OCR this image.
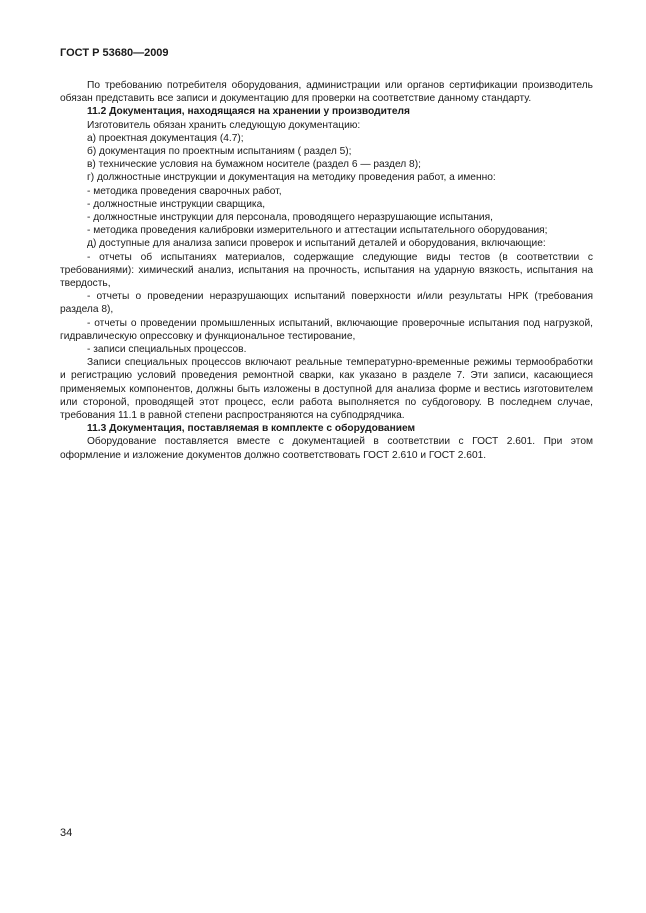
ГОСТ Р 53680—2009

По требованию потребителя оборудования, администрации или органов сертификации производитель обязан представить все записи и документацию для проверки на соответствие данному стандарту.

11.2 Документация, находящаяся на хранении у производителя

Изготовитель обязан хранить следующую документацию:

а) проектная документация (4.7);

б) документация по проектным испытаниям ( раздел 5);

в) технические условия на бумажном носителе (раздел 6 — раздел 8);

г) должностные инструкции и документация на методику проведения работ, а именно:

- методика проведения сварочных работ,

- должностные инструкции сварщика,

- должностные инструкции для персонала, проводящего неразрушающие испытания,

- методика проведения калибровки измерительного и аттестации испытательного оборудования;

д) доступные для анализа записи проверок и испытаний деталей и оборудования, включающие:

- отчеты об испытаниях материалов, содержащие следующие виды тестов (в соответствии с требованиями): химический анализ, испытания на прочность, испытания на ударную вязкость, испытания на твердость,

- отчеты о проведении неразрушающих испытаний поверхности и/или результаты НРК (требования раздела 8),

- отчеты о проведении промышленных испытаний, включающие проверочные испытания под нагрузкой, гидравлическую опрессовку и функциональное тестирование,

- записи специальных процессов.

Записи специальных процессов включают реальные температурно-временные режимы термообработки и регистрацию условий проведения ремонтной сварки, как указано в разделе 7. Эти записи, касающиеся применяемых компонентов, должны быть изложены в доступной для анализа форме и вестись изготовителем или стороной, проводящей этот процесс, если работа выполняется по субдоговору. В последнем случае, требования 11.1 в равной степени распространяются на субподрядчика.

11.3 Документация, поставляемая в комплекте с оборудованием

Оборудование поставляется вместе с документацией в соответствии с ГОСТ 2.601. При этом оформление и изложение документов должно соответствовать ГОСТ 2.610 и ГОСТ 2.601.

34
